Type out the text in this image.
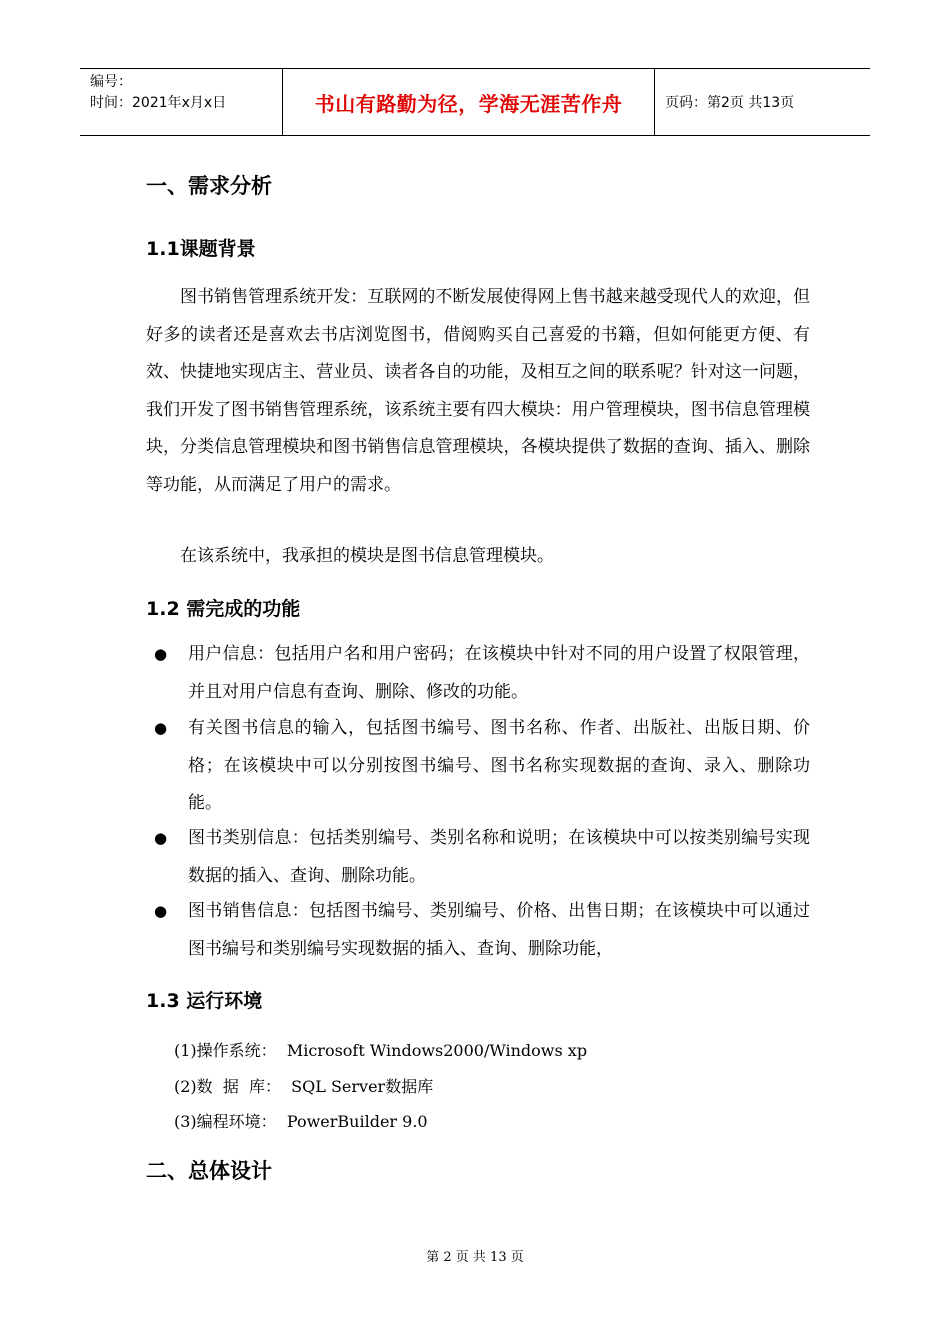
编号：
时间：2021年x月x日	书山有路勤为径，学海无涯苦作舟	页码：第2页 共13页
一、需求分析
1.1课题背景

图书销售管理系统开发：互联网的不断发展使得网上售书越来越受现代人的欢迎，但好多的读者还是喜欢去书店浏览图书，借阅购买自己喜爱的书籍，但如何能更方便、有效、快捷地实现店主、营业员、读者各自的功能，及相互之间的联系呢？针对这一问题，我们开发了图书销售管理系统，该系统主要有四大模块：用户管理模块，图书信息管理模块，分类信息管理模块和图书销售信息管理模块，各模块提供了数据的查询、插入、删除等功能，从而满足了用户的需求。

在该系统中，我承担的模块是图书信息管理模块。

1.2 需完成的功能
● 用户信息：包括用户名和用户密码；在该模块中针对不同的用户设置了权限管理，并且对用户信息有查询、删除、修改的功能。
● 有关图书信息的输入，包括图书编号、图书名称、作者、出版社、出版日期、价格；在该模块中可以分别按图书编号、图书名称实现数据的查询、录入、删除功能。
● 图书类别信息：包括类别编号、类别名称和说明；在该模块中可以按类别编号实现数据的插入、查询、删除功能。
● 图书销售信息：包括图书编号、类别编号、价格、出售日期；在该模块中可以通过图书编号和类别编号实现数据的插入、查询、删除功能，
1.3 运行环境
(1)操作系统：  Microsoft Windows2000/Windows xp
(2)数  据  库：  SQL Server数据库
(3)编程环境：  PowerBuilder 9.0
二、总体设计
第 2 页 共 13 页
